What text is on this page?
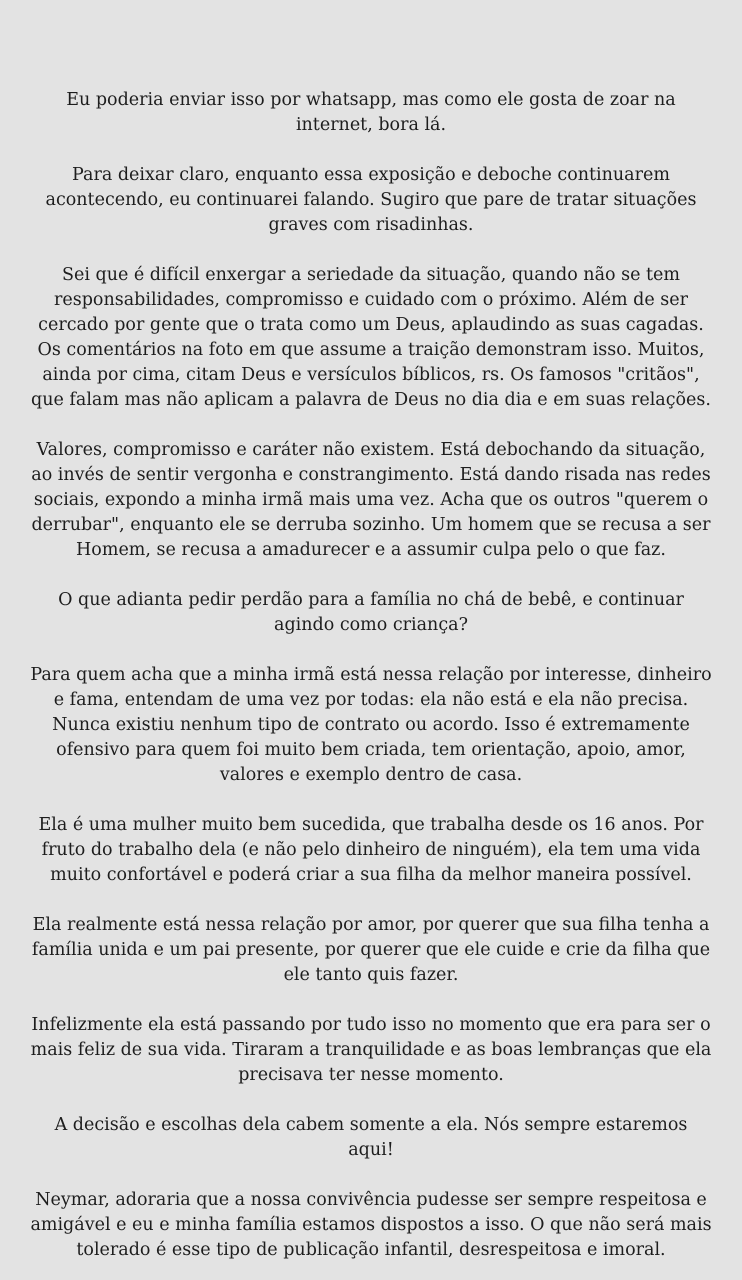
Eu poderia enviar isso por whatsapp, mas como ele gosta de zoar na internet, bora lá.

Para deixar claro, enquanto essa exposição e deboche continuarem acontecendo, eu continuarei falando. Sugiro que pare de tratar situações graves com risadinhas.

Sei que é difícil enxergar a seriedade da situação, quando não se tem responsabilidades, compromisso e cuidado com o próximo. Além de ser cercado por gente que o trata como um Deus, aplaudindo as suas cagadas. Os comentários na foto em que assume a traição demonstram isso. Muitos, ainda por cima, citam Deus e versículos bíblicos, rs. Os famosos "critãos", que falam mas não aplicam a palavra de Deus no dia dia e em suas relações.

Valores, compromisso e caráter não existem. Está debochando da situação, ao invés de sentir vergonha e constrangimento. Está dando risada nas redes sociais, expondo a minha irmã mais uma vez. Acha que os outros "querem o derrubar", enquanto ele se derruba sozinho. Um homem que se recusa a ser Homem, se recusa a amadurecer e a assumir culpa pelo o que faz.

O que adianta pedir perdão para a família no chá de bebê, e continuar agindo como criança?

Para quem acha que a minha irmã está nessa relação por interesse, dinheiro e fama, entendam de uma vez por todas: ela não está e ela não precisa. Nunca existiu nenhum tipo de contrato ou acordo. Isso é extremamente ofensivo para quem foi muito bem criada, tem orientação, apoio, amor, valores e exemplo dentro de casa.

Ela é uma mulher muito bem sucedida, que trabalha desde os 16 anos. Por fruto do trabalho dela (e não pelo dinheiro de ninguém), ela tem uma vida muito confortável e poderá criar a sua filha da melhor maneira possível.

Ela realmente está nessa relação por amor, por querer que sua filha tenha a família unida e um pai presente, por querer que ele cuide e crie da filha que ele tanto quis fazer.

Infelizmente ela está passando por tudo isso no momento que era para ser o mais feliz de sua vida. Tiraram a tranquilidade e as boas lembranças que ela precisava ter nesse momento.

A decisão e escolhas dela cabem somente a ela. Nós sempre estaremos aqui!

Neymar, adoraria que a nossa convivência pudesse ser sempre respeitosa e amigável e eu e minha família estamos dispostos a isso. O que não será mais tolerado é esse tipo de publicação infantil, desrespeitosa e imoral.
